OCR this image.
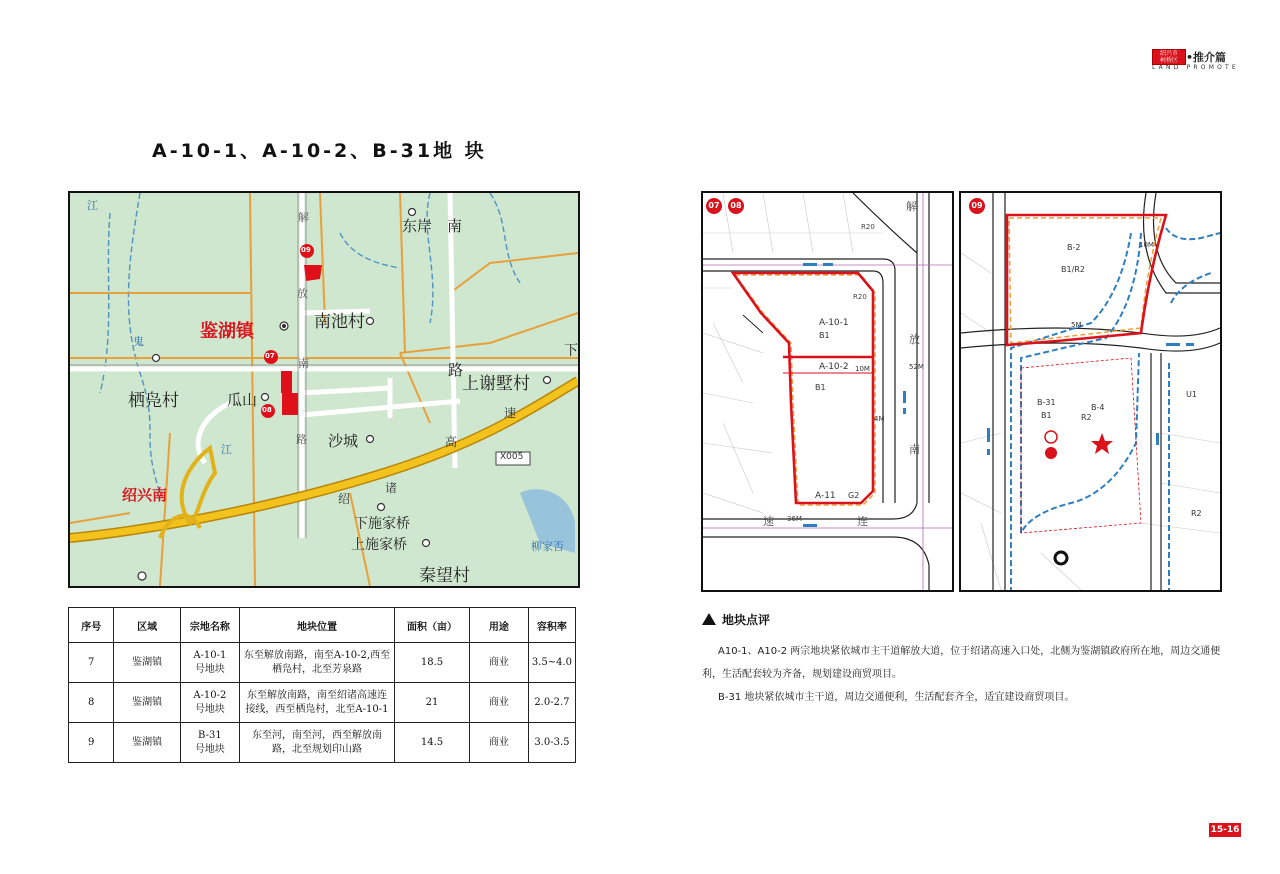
绍兴市
柯桥区 •推介篇
LAND PROMOTE
A-10-1、A-10-2、B-31地 块
江
解	东岸 南
放
鉴湖镇	南池村
南
下
鬼
路
上谢墅村
栖凫村	瓜山
沙城
路
江
X005
绍兴南
下施家桥
上施家桥
秦望村
柳家否
速
高
绍
诸
09
07
08
07	08	解
R20
R20
放
南
A-10-1
B1
A-10-2
B1
A-11 G2
52M
10M
4M
速 36M	连
09
B-2
B1/R2
10M
5M
B-4
R2
B-31
U1
B1
R2
序号	区域	宗地名称	地块位置	面积（亩）	用途	容积率
7	鉴湖镇	A-10-1
号地块	东至解放南路，南至A-10-2,西至栖凫村，北至芳泉路	18.5	商业	3.5~4.0
8	鉴湖镇	A-10-2
号地块	东至解放南路，南至绍诸高速连接线，西至栖凫村，北至A-10-1	21	商业	2.0-2.7
9	鉴湖镇	B-31
号地块	东至河，南至河，西至解放南路，北至规划印山路	14.5	商业	3.0-3.5
地块点评

A10-1、A10-2 两宗地块紧依城市主干道解放大道，位于绍诸高速入口处，北侧为鉴湖镇政府所在地，周边交通便利，生活配套较为齐备，规划建设商贸项目。

B-31 地块紧依城市主干道，周边交通便利，生活配套齐全，适宜建设商贸项目。

15-16
